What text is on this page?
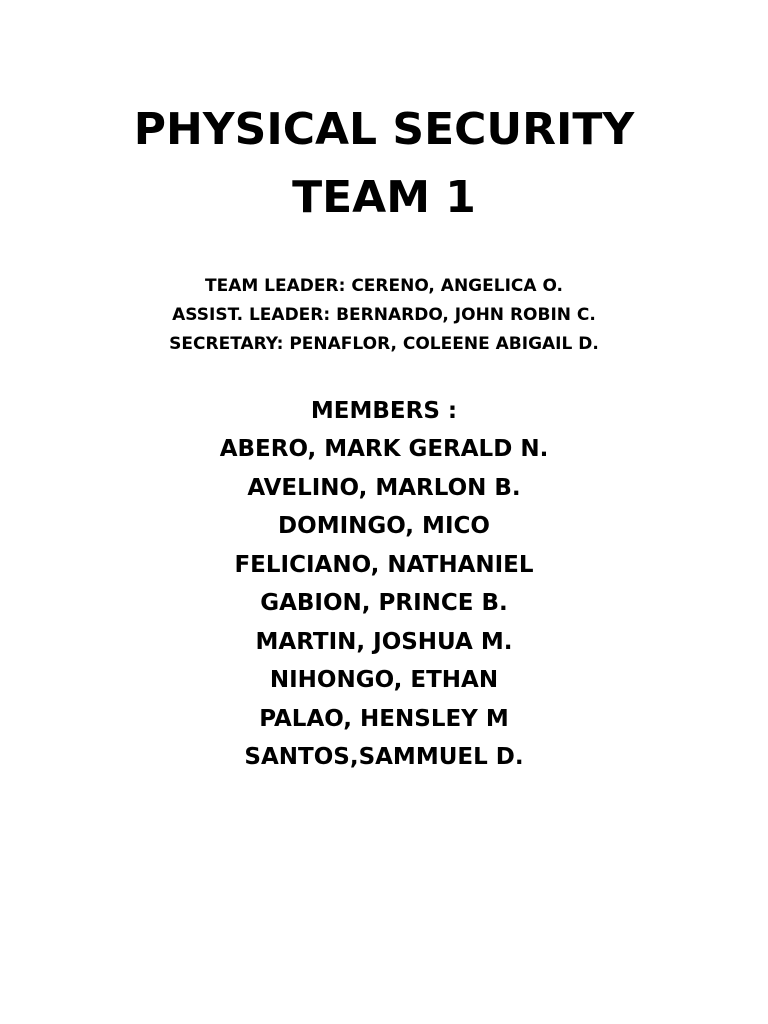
PHYSICAL SECURITY
TEAM 1
TEAM LEADER: CERENO, ANGELICA O.
ASSIST. LEADER: BERNARDO, JOHN ROBIN C.
SECRETARY: PENAFLOR, COLEENE ABIGAIL D.
MEMBERS :
ABERO, MARK GERALD N.
AVELINO, MARLON B.
DOMINGO, MICO
FELICIANO, NATHANIEL
GABION, PRINCE B.
MARTIN, JOSHUA M.
NIHONGO, ETHAN
PALAO, HENSLEY M
SANTOS,SAMMUEL D.
